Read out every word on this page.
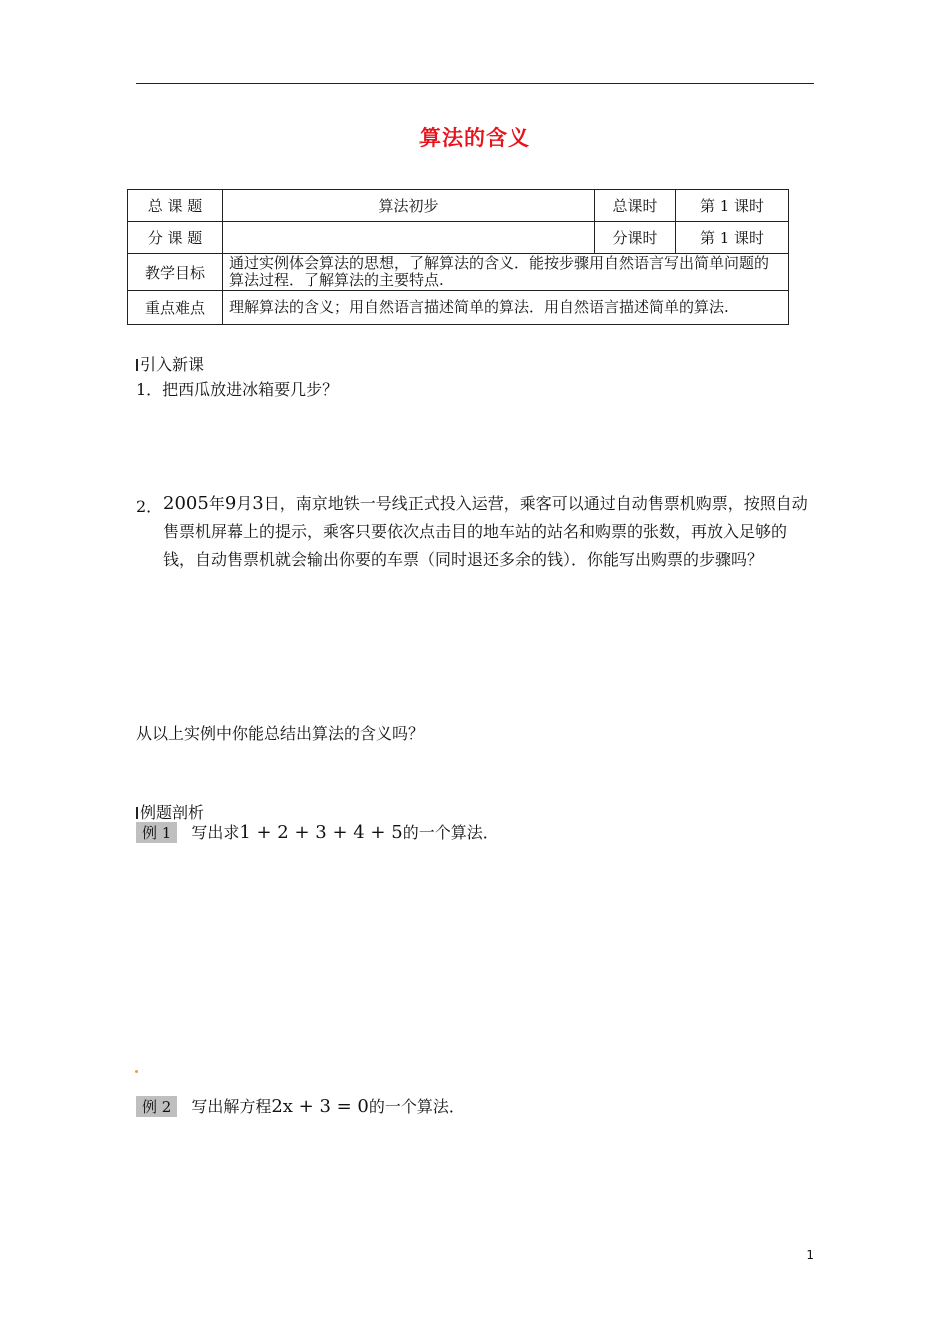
算法的含义
总 课 题	算法初步	总课时	第 1 课时
分 课 题		分课时	第 1 课时
教学目标	通过实例体会算法的思想，了解算法的含义．能按步骤用自然语言写出简单问题的算法过程．了解算法的主要特点.		
重点难点	理解算法的含义；用自然语言描述简单的算法．用自然语言描述简单的算法.		
引入新课
1．把西瓜放进冰箱要几步？
2． 2005年9月3日，南京地铁一号线正式投入运营，乘客可以通过自动售票机购票，按照自动
售票机屏幕上的提示，乘客只要依次点击目的地车站的站名和购票的张数，再放入足够的
钱，自动售票机就会输出你要的车票（同时退还多余的钱）．你能写出购票的步骤吗？
从以上实例中你能总结出算法的含义吗？
例题剖析
例 1 写出求1 + 2 + 3 + 4 + 5的一个算法．
例 2 写出解方程2x + 3 = 0的一个算法．
1
